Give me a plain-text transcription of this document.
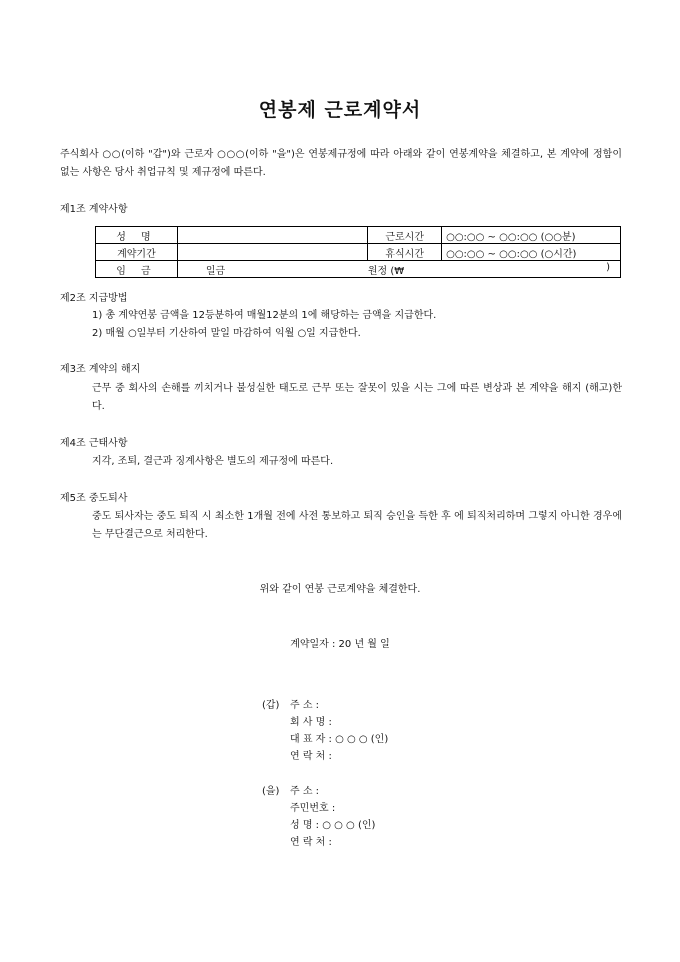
연봉제 근로계약서
주식회사 ○○(이하 "갑")와 근로자 ○○○(이하 "을")은 연봉제규정에 따라 아래와 같이 연봉계약을 체결하고, 본 계약에 정함이 없는 사항은 당사 취업규칙 및 제규정에 따른다.
제1조 계약사항
성 명		근로시간	○○:○○ ~ ○○:○○ (○○분)
계약기간		휴식시간	○○:○○ ~ ○○:○○ (○시간)
임 금	일금 원정 (₩ )		
제2조 지급방법
1) 총 계약연봉 금액을 12등분하여 매월12분의 1에 해당하는 금액을 지급한다.
2) 매월 ○일부터 기산하여 말일 마감하여 익월 ○일 지급한다.
제3조 계약의 해지
근무 중 회사의 손해를 끼치거나 불성실한 태도로 근무 또는 잘못이 있을 시는 그에 따른 변상과 본 계약을 해지 (해고)한다.
제4조 근태사항
지각, 조퇴, 결근과 징계사항은 별도의 제규정에 따른다.
제5조 중도퇴사
중도 퇴사자는 중도 퇴직 시 최소한 1개월 전에 사전 통보하고 퇴직 승인을 득한 후 에 퇴직처리하며 그렇지 아니한 경우에는 무단결근으로 처리한다.
위와 같이 연봉 근로계약을 체결한다.
계약일자 : 20 년 월 일
(갑) 주 소 :
회 사 명 :
대 표 자 : ○ ○ ○ (인)
연 락 처 :
(을) 주 소 :
주민번호 :
성 명 : ○ ○ ○ (인)
연 락 처 :
